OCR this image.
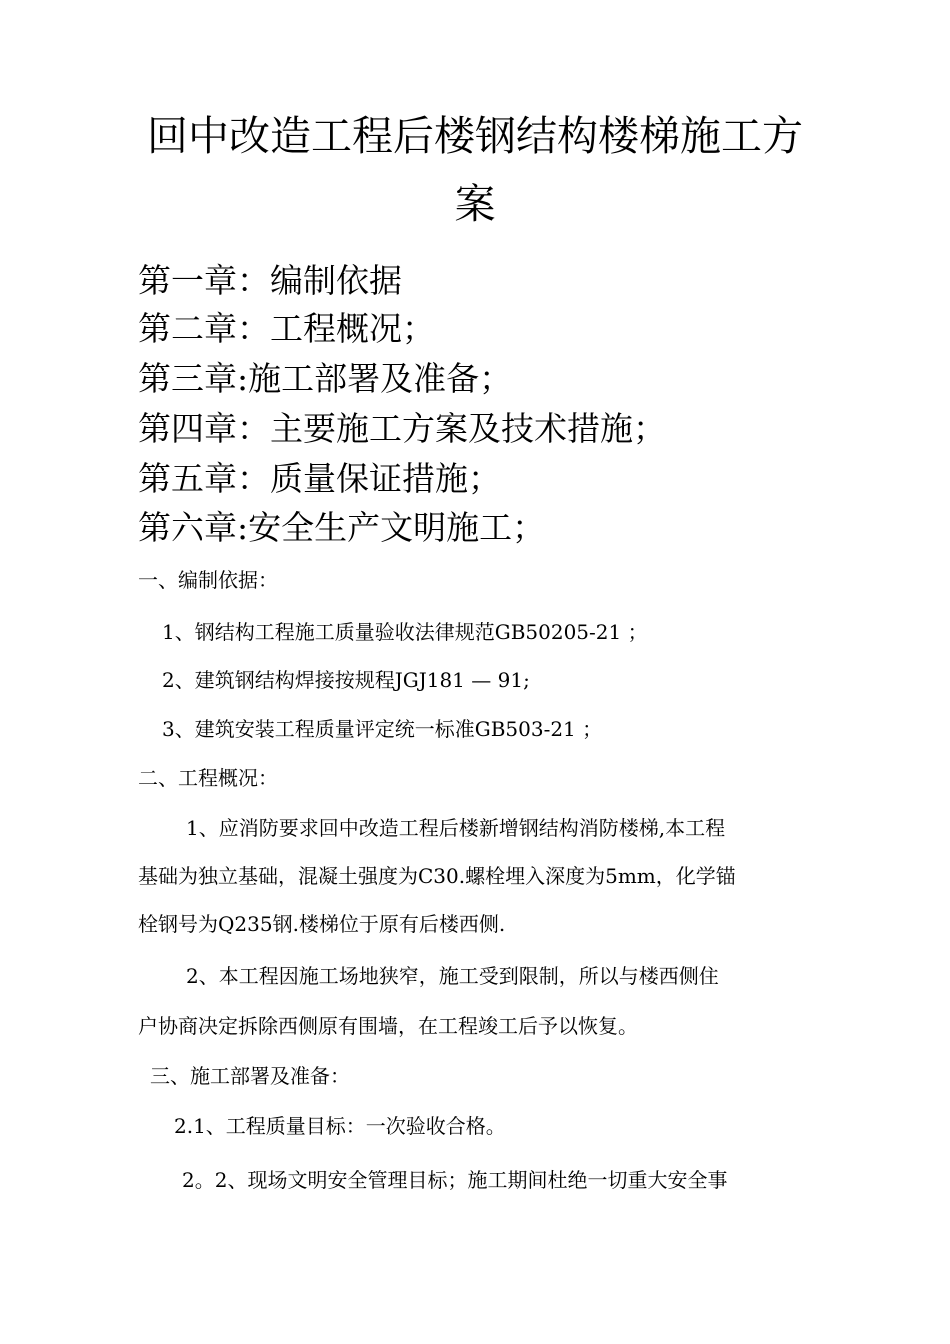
回中改造工程后楼钢结构楼梯施工方
案
第一章：编制依据
第二章：工程概况；
第三章:施工部署及准备；
第四章：主要施工方案及技术措施；
第五章：质量保证措施；
第六章:安全生产文明施工；
一、编制依据：
1、钢结构工程施工质量验收法律规范GB50205-21 ；
2、建筑钢结构焊接按规程JGJ181 — 91;
3、建筑安装工程质量评定统一标准GB503-21 ；
二、工程概况：
1、应消防要求回中改造工程后楼新增钢结构消防楼梯,本工程
基础为独立基础，混凝土强度为C30.螺栓埋入深度为5mm，化学锚
栓钢号为Q235钢.楼梯位于原有后楼西侧.
2、本工程因施工场地狭窄，施工受到限制，所以与楼西侧住
户协商决定拆除西侧原有围墙，在工程竣工后予以恢复。
三、施工部署及准备：
2.1、工程质量目标：一次验收合格。
2。2、现场文明安全管理目标；施工期间杜绝一切重大安全事
